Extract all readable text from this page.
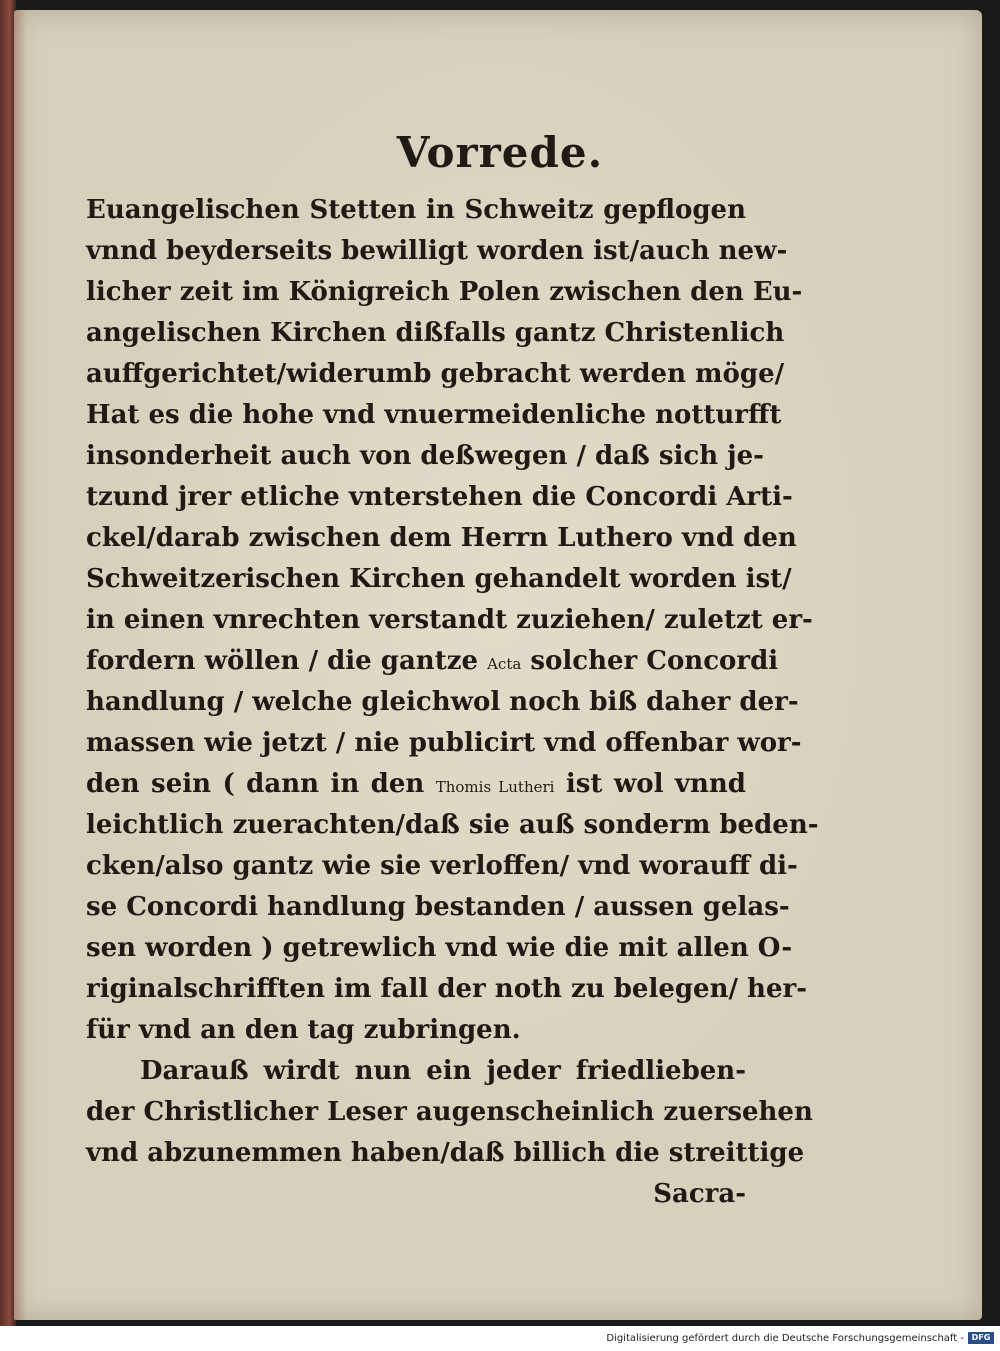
Vorrede.
Euangelischen Stetten in Schweitz gepflogen
vnnd beyderseits bewilligt worden ist/auch new-
licher zeit im Königreich Polen zwischen den Eu-
angelischen Kirchen dißfalls gantz Christenlich
auffgerichtet/widerumb gebracht werden möge/
Hat es die hohe vnd vnuermeidenliche notturfft
insonderheit auch von deßwegen / daß sich je-
tzund jrer etliche vnterstehen die Concordi Arti-
ckel/darab zwischen dem Herrn Luthero vnd den
Schweitzerischen Kirchen gehandelt worden ist/
in einen vnrechten verstandt zuziehen/ zuletzt er-
fordern wöllen / die gantze Acta solcher Concordi
handlung / welche gleichwol noch biß daher der-
massen wie jetzt / nie publicirt vnd offenbar wor-
den sein ( dann in den Thomis Lutheri ist wol vnnd
leichtlich zuerachten/daß sie auß sonderm beden-
cken/also gantz wie sie verloffen/ vnd worauff di-
se Concordi handlung bestanden / aussen gelas-
sen worden ) getrewlich vnd wie die mit allen O-
riginalschrifften im fall der noth zu belegen/ her-
für vnd an den tag zubringen.
Darauß wirdt nun ein jeder friedlieben-
der Christlicher Leser augenscheinlich zuersehen
vnd abzunemmen haben/daß billich die streittige
Sacra-
Digitalisierung gefördert durch die Deutsche Forschungsgemeinschaft - DFG
